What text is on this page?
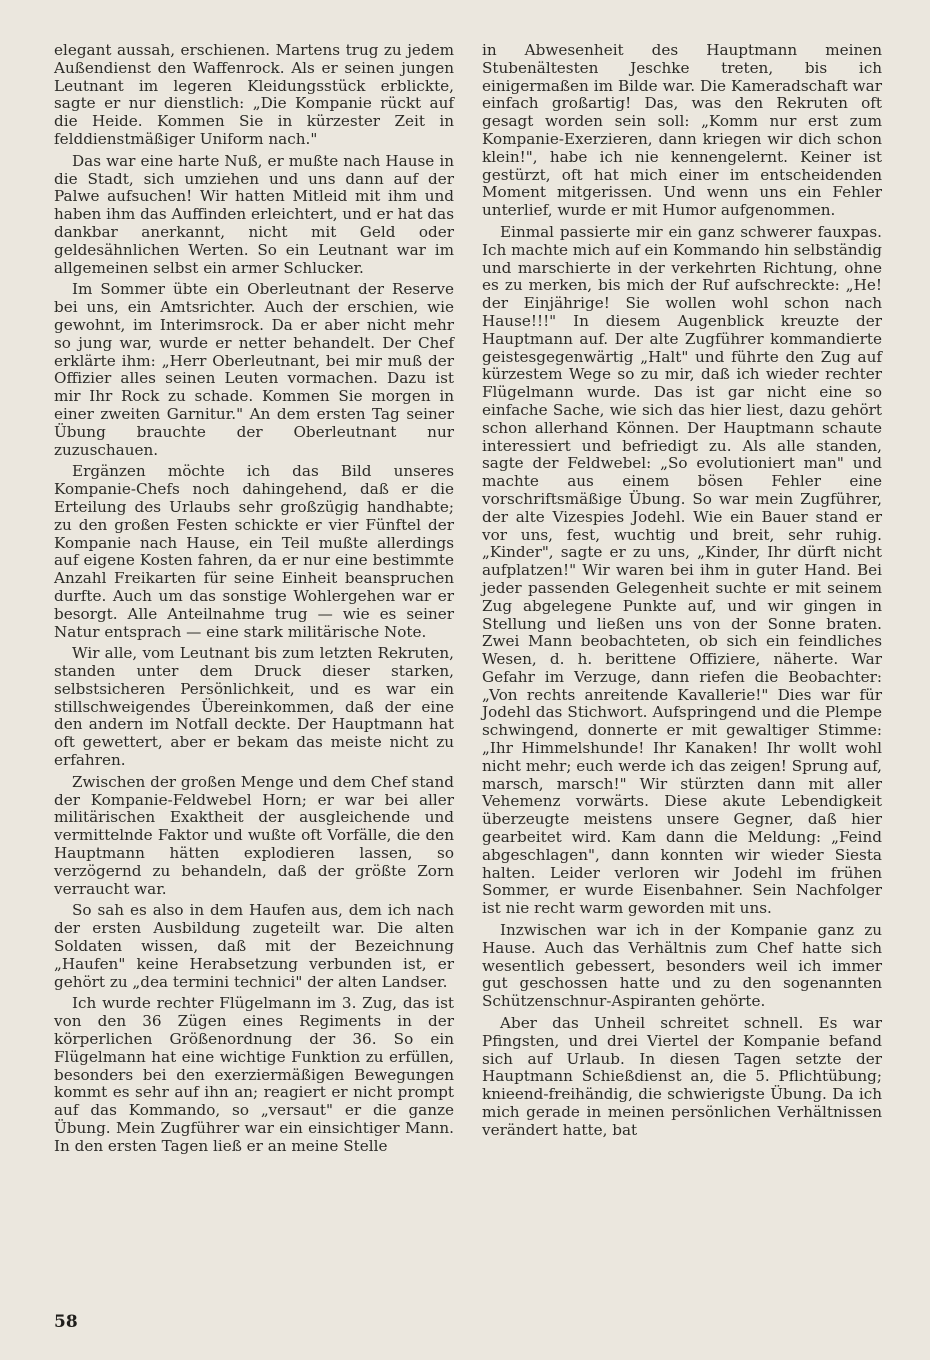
elegant aussah, erschienen. Martens trug zu jedem Außendienst den Waffenrock. Als er seinen jungen Leutnant im legeren Kleidungsstück erblickte, sagte er nur dienstlich: „Die Kompanie rückt auf die Heide. Kommen Sie in kürzester Zeit in felddienstmäßiger Uniform nach."

Das war eine harte Nuß, er mußte nach Hause in die Stadt, sich umziehen und uns dann auf der Palwe aufsuchen! Wir hatten Mitleid mit ihm und haben ihm das Auffinden erleichtert, und er hat das dankbar anerkannt, nicht mit Geld oder geldesähnlichen Werten. So ein Leutnant war im allgemeinen selbst ein armer Schlucker.

Im Sommer übte ein Oberleutnant der Reserve bei uns, ein Amtsrichter. Auch der erschien, wie gewohnt, im Interimsrock. Da er aber nicht mehr so jung war, wurde er netter behandelt. Der Chef erklärte ihm: „Herr Oberleutnant, bei mir muß der Offizier alles seinen Leuten vormachen. Dazu ist mir Ihr Rock zu schade. Kommen Sie morgen in einer zweiten Garnitur." An dem ersten Tag seiner Übung brauchte der Oberleutnant nur zuzuschauen.

Ergänzen möchte ich das Bild unseres Kompanie-Chefs noch dahingehend, daß er die Erteilung des Urlaubs sehr großzügig handhabte; zu den großen Festen schickte er vier Fünftel der Kompanie nach Hause, ein Teil mußte allerdings auf eigene Kosten fahren, da er nur eine bestimmte Anzahl Freikarten für seine Einheit beanspruchen durfte. Auch um das sonstige Wohlergehen war er besorgt. Alle Anteilnahme trug — wie es seiner Natur entsprach — eine stark militärische Note.

Wir alle, vom Leutnant bis zum letzten Rekruten, standen unter dem Druck dieser starken, selbstsicheren Persönlichkeit, und es war ein stillschweigendes Übereinkommen, daß der eine den andern im Notfall deckte. Der Hauptmann hat oft gewettert, aber er bekam das meiste nicht zu erfahren.

Zwischen der großen Menge und dem Chef stand der Kompanie-Feldwebel Horn; er war bei aller militärischen Exaktheit der ausgleichende und vermittelnde Faktor und wußte oft Vorfälle, die den Hauptmann hätten explodieren lassen, so verzögernd zu behandeln, daß der größte Zorn verraucht war.

So sah es also in dem Haufen aus, dem ich nach der ersten Ausbildung zugeteilt war. Die alten Soldaten wissen, daß mit der Bezeichnung „Haufen" keine Herabsetzung verbunden ist, er gehört zu „dea termini technici" der alten Landser.

Ich wurde rechter Flügelmann im 3. Zug, das ist von den 36 Zügen eines Regiments in der körperlichen Größenordnung der 36. So ein Flügelmann hat eine wichtige Funktion zu erfüllen, besonders bei den exerziermäßigen Bewegungen kommt es sehr auf ihn an; reagiert er nicht prompt auf das Kommando, so „versaut" er die ganze Übung. Mein Zugführer war ein einsichtiger Mann. In den ersten Tagen ließ er an meine Stelle

in Abwesenheit des Hauptmann meinen Stubenältesten Jeschke treten, bis ich einigermaßen im Bilde war. Die Kameradschaft war einfach großartig! Das, was den Rekruten oft gesagt worden sein soll: „Komm nur erst zum Kompanie-Exerzieren, dann kriegen wir dich schon klein!", habe ich nie kennengelernt. Keiner ist gestürzt, oft hat mich einer im entscheidenden Moment mitgerissen. Und wenn uns ein Fehler unterlief, wurde er mit Humor aufgenommen.

Einmal passierte mir ein ganz schwerer fauxpas. Ich machte mich auf ein Kommando hin selbständig und marschierte in der verkehrten Richtung, ohne es zu merken, bis mich der Ruf aufschreckte: „He! der Einjährige! Sie wollen wohl schon nach Hause!!!" In diesem Augenblick kreuzte der Hauptmann auf. Der alte Zugführer kommandierte geistesgegenwärtig „Halt" und führte den Zug auf kürzestem Wege so zu mir, daß ich wieder rechter Flügelmann wurde. Das ist gar nicht eine so einfache Sache, wie sich das hier liest, dazu gehört schon allerhand Können. Der Hauptmann schaute interessiert und befriedigt zu. Als alle standen, sagte der Feldwebel: „So evolutioniert man" und machte aus einem bösen Fehler eine vorschriftsmäßige Übung. So war mein Zugführer, der alte Vizespies Jodehl. Wie ein Bauer stand er vor uns, fest, wuchtig und breit, sehr ruhig. „Kinder", sagte er zu uns, „Kinder, Ihr dürft nicht aufplatzen!" Wir waren bei ihm in guter Hand. Bei jeder passenden Gelegenheit suchte er mit seinem Zug abgelegene Punkte auf, und wir gingen in Stellung und ließen uns von der Sonne braten. Zwei Mann beobachteten, ob sich ein feindliches Wesen, d. h. berittene Offiziere, näherte. War Gefahr im Verzuge, dann riefen die Beobachter: „Von rechts anreitende Kavallerie!" Dies war für Jodehl das Stichwort. Aufspringend und die Plempe schwingend, donnerte er mit gewaltiger Stimme: „Ihr Himmelshunde! Ihr Kanaken! Ihr wollt wohl nicht mehr; euch werde ich das zeigen! Sprung auf, marsch, marsch!" Wir stürzten dann mit aller Vehemenz vorwärts. Diese akute Lebendigkeit überzeugte meistens unsere Gegner, daß hier gearbeitet wird. Kam dann die Meldung: „Feind abgeschlagen", dann konnten wir wieder Siesta halten. Leider verloren wir Jodehl im frühen Sommer, er wurde Eisenbahner. Sein Nachfolger ist nie recht warm geworden mit uns.

Inzwischen war ich in der Kompanie ganz zu Hause. Auch das Verhältnis zum Chef hatte sich wesentlich gebessert, besonders weil ich immer gut geschossen hatte und zu den sogenannten Schützenschnur-Aspiranten gehörte.

Aber das Unheil schreitet schnell. Es war Pfingsten, und drei Viertel der Kompanie befand sich auf Urlaub. In diesen Tagen setzte der Hauptmann Schießdienst an, die 5. Pflichtübung; knieend-freihändig, die schwierigste Übung. Da ich mich gerade in meinen persönlichen Verhältnissen verändert hatte, bat

58
